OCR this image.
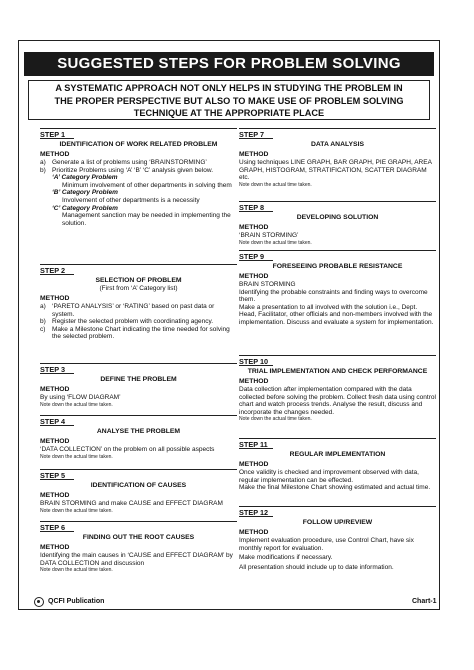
SUGGESTED STEPS FOR PROBLEM SOLVING
A SYSTEMATIC APPROACH NOT ONLY HELPS IN STUDYING THE PROBLEM IN
THE PROPER PERSPECTIVE BUT ALSO TO MAKE USE OF PROBLEM SOLVING
TECHNIQUE AT THE APPROPRIATE PLACE
STEP 1
IDENTIFICATION OF WORK RELATED PROBLEM
METHOD
a) Generate a list of problems using ‘BRAINSTORMING’
b) Prioritize Problems using ‘A’ ‘B’ ‘C’ analysis given below.
‘A’ Category Problem
Minimum involvement of other departments in solving them
‘B’ Category Problem
Involvement of other departments is a necessity
‘C’ Category Problem
Management sanction may be needed in implementing the solution.
STEP 2
SELECTION OF PROBLEM
(First from ‘A’ Category list)
METHOD
a) ‘PARETO ANALYSIS’ or ‘RATING’ based on past data or system.
b) Register the selected problem with coordinating agency.
c)	Make a Milestone Chart indicating the time needed for solving the selected problem.
STEP 3
DEFINE THE PROBLEM
METHOD
By using ‘FLOW DIAGRAM’
Note down the actual time taken.
STEP 4
ANALYSE THE PROBLEM
METHOD
‘DATA COLLECTION’ on the problem on all possible aspects
Note down the actual time taken.
STEP 5
IDENTIFICATION OF CAUSES
METHOD
BRAIN STORMING and make CAUSE and EFFECT DIAGRAM
Note down the actual time taken.
STEP 6
FINDING OUT THE ROOT CAUSES
METHOD
Identifying the main causes in ‘CAUSE and EFFECT DIAGRAM’ by DATA COLLECTION and discussion
Note down the actual time taken.
STEP 7
DATA ANALYSIS
METHOD
Using techniques LINE GRAPH, BAR GRAPH, PIE GRAPH, AREA GRAPH, HISTOGRAM, STRATIFICATION, SCATTER DIAGRAM etc.
Note down the actual time taken.
STEP 8
DEVELOPING SOLUTION
METHOD
‘BRAIN STORMING’
Note down the actual time taken.
STEP 9
FORESEEING PROBABLE RESISTANCE
METHOD
BRAIN STORMING
Identifying the probable constraints and finding ways to overcome them.
Make a presentation to all involved with the solution i.e., Dept. Head, Facilitator, other officials and non-members involved with the implementation. Discuss and evaluate a system for implementation.
STEP 10
TRIAL IMPLEMENTATION AND CHECK PERFORMANCE
METHOD
Data collection after implementation compared with the data collected before solving the problem. Collect fresh data using control chart and watch process trends. Analyse the result, discuss and incorporate the changes needed.
Note down the actual time taken.
STEP 11
REGULAR IMPLEMENTATION
METHOD
Once validity is checked and improvement observed with data, regular implementation can be effected.
Make the final Milestone Chart showing estimated and actual time.
STEP 12
FOLLOW UP/REVIEW
METHOD
Implement evaluation procedure, use Control Chart, have six monthly report for evaluation.
Make modifications if necessary.
All presentation should include up to date information.
QCFI Publication	Chart-1
